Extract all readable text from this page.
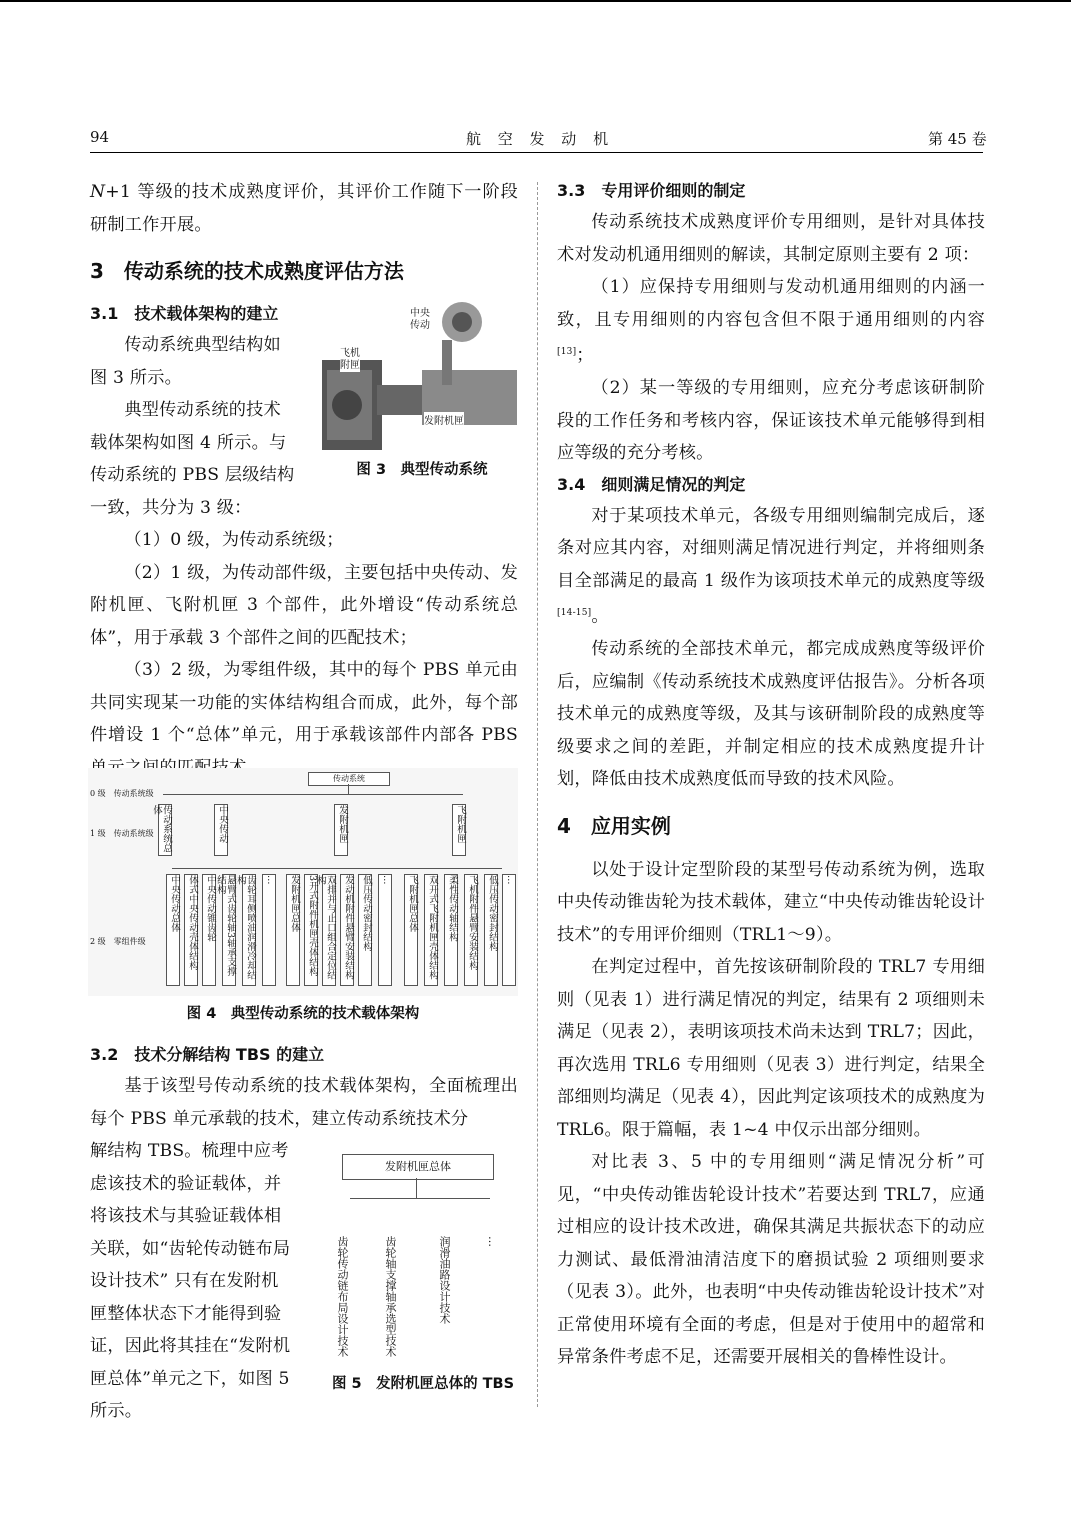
94	航 空 发 动 机	第 45 卷

N+1 等级的技术成熟度评价，其评价工作随下一阶段研制工作开展。

3　传动系统的技术成熟度评估方法
3.1　技术载体架构的建立

传动系统典型结构如

图 3 所示。

典型传动系统的技术

载体架构如图 4 所示。与

传动系统的 PBS 层级结构

一致，共分为 3 级：

（1）0 级，为传动系统级；

（2）1 级，为传动部件级，主要包括中央传动、发附机匣、飞附机匣 3 个部件，此外增设“传动系统总体”，用于承载 3 个部件之间的匹配技术；

（3）2 级，为零组件级，其中的每个 PBS 单元由共同实现某一功能的实体结构组合而成，此外，每个部件增设 1 个“总体”单元，用于承载该部件内部各 PBS

中央
传动
飞机
附匣
发附机匣
图 3　典型传动系统
0 级　传动系统级
1 级　传动系统级
2 级　零组件级
传动系统
传动系统总体	中央传动	发附机匣	飞附机匣
中央传动总体 体式中央传动壳体结构 中央传动锥齿轮 悬臂式齿轮轴3轴承支撑结构	齿轮耳侧喷油润滑冷却结构	…	发附机匣总体 3开式附件机匣壳体结构 双排并与止口组合定位结构	发动机附件悬臂安装结构 低压传动密封结构 …	飞附机匣总体 双开式飞附机匣壳体结构 柔性传动轴结构 飞机附件悬臂安装结构 低压传动密封结构 …
图 4　典型传动系统的技术载体架构
3.2　技术分解结构 TBS 的建立

基于该型号传动系统的技术载体架构，全面梳理出每个 PBS 单元承载的技术，建立传动系统技术分

解结构 TBS。梳理中应考

虑该技术的验证载体，并

将该技术与其验证载体相

关联，如“齿轮传动链布局

设计技术” 只有在发附机

匣整体状态下才能得到验

证，因此将其挂在“发附机

匣总体”单元之下，如图 5

所示。

发附机匣总体
齿轮传动链布局设计技术	齿轮轴支撑轴承选型技术	润滑油路设计技术	…
图 5　发附机匣总体的 TBS
3.3　专用评价细则的制定

传动系统技术成熟度评价专用细则，是针对具体技术对发动机通用细则的解读，其制定原则主要有 2 项：

（1）应保持专用细则与发动机通用细则的内涵一致，且专用细则的内容包含但不限于通用细则的内容[13]；

（2）某一等级的专用细则，应充分考虑该研制阶段的工作任务和考核内容，保证该技术单元能够得到相应等级的充分考核。

3.4　细则满足情况的判定

对于某项技术单元，各级专用细则编制完成后，逐条对应其内容，对细则满足情况进行判定，并将细则条目全部满足的最高 1 级作为该项技术单元的成熟度等级[14-15]。

传动系统的全部技术单元，都完成成熟度等级评价后，应编制《传动系统技术成熟度评估报告》。分析各项技术单元的成熟度等级，及其与该研制阶段的成熟度等级要求之间的差距，并制定相应的技术成熟度提升计划，降低由技术成熟度低而导致的技术风险。

4　应用实例

以处于设计定型阶段的某型号传动系统为例，选取中央传动锥齿轮为技术载体，建立“中央传动锥齿轮设计技术”的专用评价细则（TRL1～9）。

在判定过程中，首先按该研制阶段的 TRL7 专用细则（见表 1）进行满足情况的判定，结果有 2 项细则未满足（见表 2），表明该项技术尚未达到 TRL7；因此，再次选用 TRL6 专用细则（见表 3）进行判定，结果全部细则均满足（见表 4），因此判定该项技术的成熟度为 TRL6。限于篇幅，表 1~4 中仅示出部分细则。

对比表 3、5 中的专用细则“满足情况分析”可见，“中央传动锥齿轮设计技术”若要达到 TRL7，应通过相应的设计技术改进，确保其满足共振状态下的动应力测试、最低滑油清洁度下的磨损试验 2 项细则要求（见表 3）。此外，也表明“中央传动锥齿轮设计技术”对正常使用环境有全面的考虑，但是对于使用中的超常和异常条件考虑不足，还需要开展相关的鲁棒性设计。
